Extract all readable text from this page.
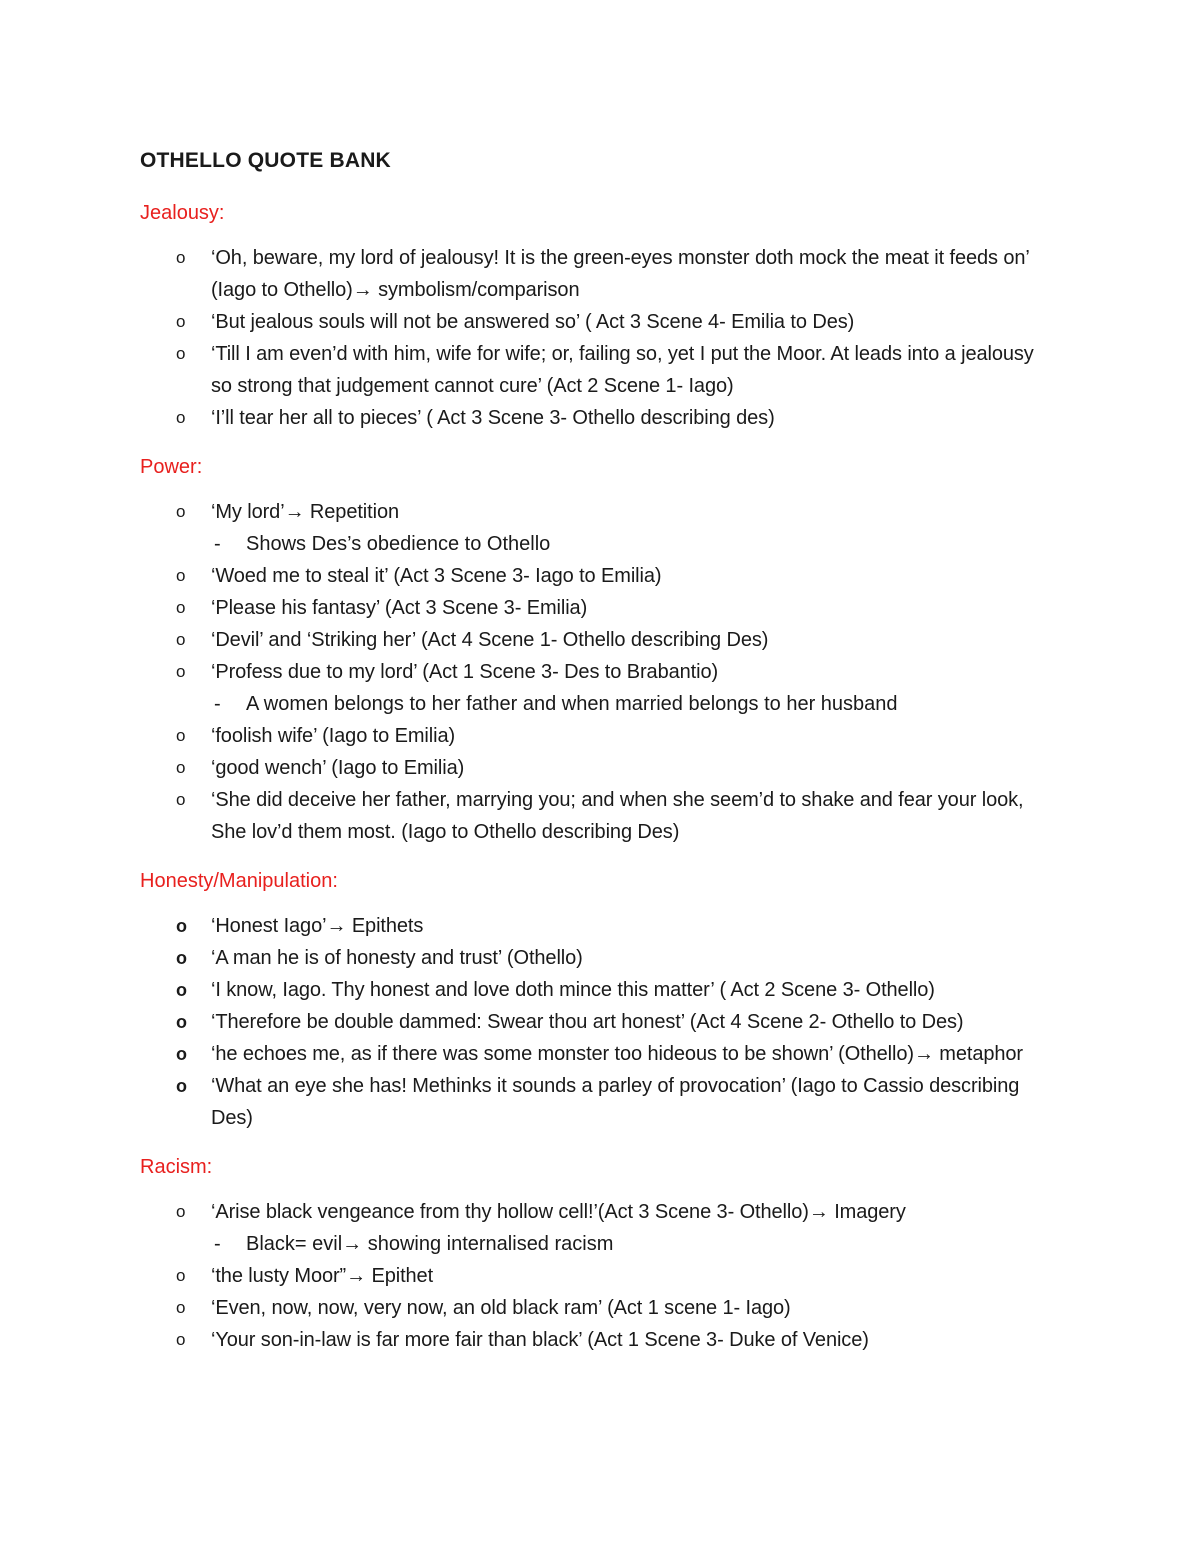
OTHELLO QUOTE BANK
Jealousy:
o	‘Oh, beware, my lord of jealousy! It is the green-eyes monster doth mock the meat it feeds on’ (Iago to Othello)→ symbolism/comparison
o	‘But jealous souls will not be answered so’ ( Act 3 Scene 4- Emilia to Des)
o	‘Till I am even’d with him, wife for wife; or, failing so, yet I put the Moor. At leads into a jealousy so strong that judgement cannot cure’ (Act 2 Scene 1- Iago)
o	‘I’ll tear her all to pieces’ ( Act 3 Scene 3- Othello describing des)
Power:
o	‘My lord’→ Repetition
- Shows Des’s obedience to Othello
o	‘Woed me to steal it’ (Act 3 Scene 3- Iago to Emilia)
o	‘Please his fantasy’ (Act 3 Scene 3- Emilia)
o	‘Devil’ and ‘Striking her’ (Act 4 Scene 1- Othello describing Des)
o	‘Profess due to my lord’ (Act 1 Scene 3- Des to Brabantio)
- A women belongs to her father and when married belongs to her husband
o	‘foolish wife’ (Iago to Emilia)
o	‘good wench’ (Iago to Emilia)
o	‘She did deceive her father, marrying you; and when she seem’d to shake and fear your look, She lov’d them most. (Iago to Othello describing Des)
Honesty/Manipulation:
o	‘Honest Iago’→ Epithets
o	‘A man he is of honesty and trust’ (Othello)
o	‘I know, Iago. Thy honest and love doth mince this matter’ ( Act 2 Scene 3- Othello)
o	‘Therefore be double dammed: Swear thou art honest’ (Act 4 Scene 2- Othello to Des)
o	‘he echoes me, as if there was some monster too hideous to be shown’ (Othello)→ metaphor
o	‘What an eye she has! Methinks it sounds a parley of provocation’ (Iago to Cassio describing Des)
Racism:
o	‘Arise black vengeance from thy hollow cell!’(Act 3 Scene 3- Othello)→ Imagery
- Black= evil→ showing internalised racism
o	‘the lusty Moor”→ Epithet
o	‘Even, now, now, very now, an old black ram’ (Act 1 scene 1- Iago)
o	‘Your son-in-law is far more fair than black’ (Act 1 Scene 3- Duke of Venice)
